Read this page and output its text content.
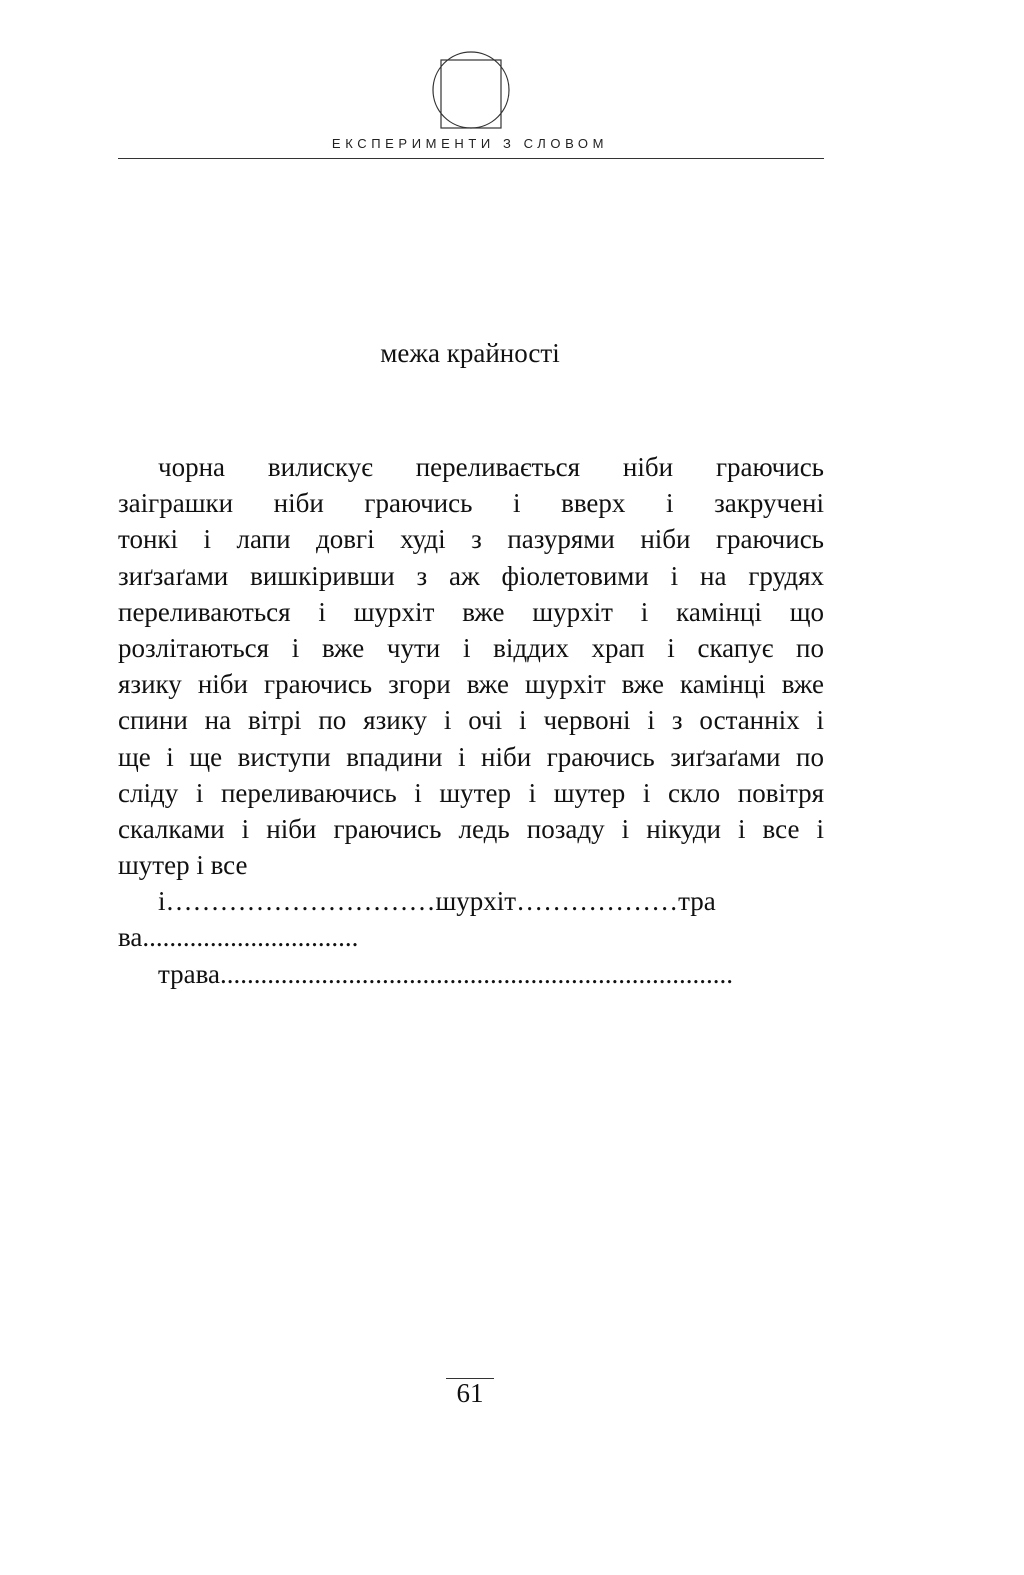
ЕКСПЕРИМЕНТИ З СЛОВОМ
межа крайності
чорна вилискує переливається ніби граючись
заіграшки ніби граючись і вверх і закручені
тонкі і лапи довгі худі з пазурями ніби граючись
зиґзаґами вишкіривши з аж фіолетовими і на грудях
переливаються і шурхіт вже шурхіт і камінці що
розлітаються і вже чути і віддих храп і скапує по
язику ніби граючись згори вже шурхіт вже камінці вже
спини на вітрі по язику і очі і червоні і з останніх і
ще і ще виступи впадини і ніби граючись зиґзаґами по
сліду і переливаючись і шутер і шутер і скло повітря
скалками і ніби граючись ледь позаду і нікуди і все і
шутер і все
і…………………………шурхіт………………тра
ва................................
трава............................................................................
61
